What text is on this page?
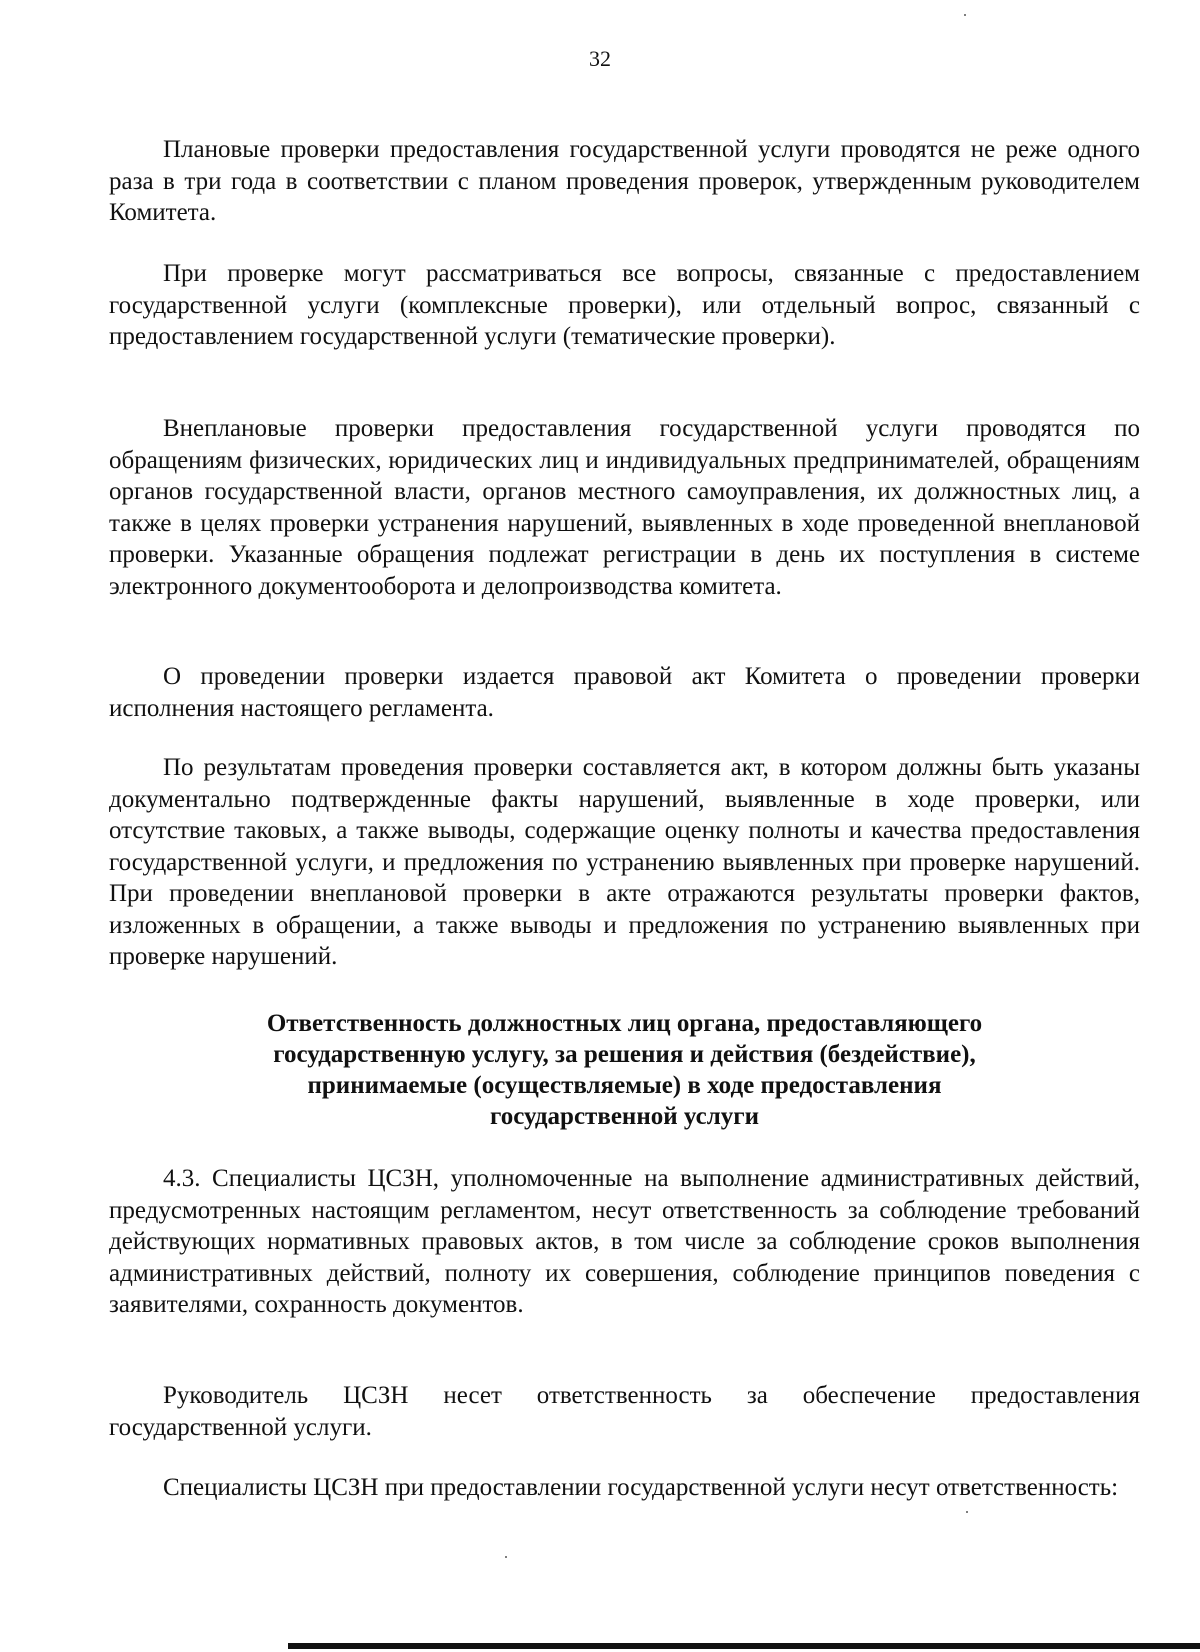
32

Плановые проверки предоставления государственной услуги проводятся не реже одного раза в три года в соответствии с планом проведения проверок, утвержденным руководителем Комитета.

При проверке могут рассматриваться все вопросы, связанные с предоставлением государственной услуги (комплексные проверки), или отдельный вопрос, связанный с предоставлением государственной услуги (тематические проверки).

Внеплановые проверки предоставления государственной услуги проводятся по обращениям физических, юридических лиц и индивидуальных предпринимателей, обращениям органов государственной власти, органов местного самоуправления, их должностных лиц, а также в целях проверки устранения нарушений, выявленных в ходе проведенной внеплановой проверки. Указанные обращения подлежат регистрации в день их поступления в системе электронного документооборота и делопроизводства комитета.

О проведении проверки издается правовой акт Комитета о проведении проверки исполнения настоящего регламента.

По результатам проведения проверки составляется акт, в котором должны быть указаны документально подтвержденные факты нарушений, выявленные в ходе проверки, или отсутствие таковых, а также выводы, содержащие оценку полноты и качества предоставления государственной услуги, и предложения по устранению выявленных при проверке нарушений. При проведении внеплановой проверки в акте отражаются результаты проверки фактов, изложенных в обращении, а также выводы и предложения по устранению выявленных при проверке нарушений.

Ответственность должностных лиц органа, предоставляющего
государственную услугу, за решения и действия (бездействие),
принимаемые (осуществляемые) в ходе предоставления
государственной услуги

4.3. Специалисты ЦСЗН, уполномоченные на выполнение административных действий, предусмотренных настоящим регламентом, несут ответственность за соблюдение требований действующих нормативных правовых актов, в том числе за соблюдение сроков выполнения административных действий, полноту их совершения, соблюдение принципов поведения с заявителями, сохранность документов.

Руководитель ЦСЗН несет ответственность за обеспечение предоставления государственной услуги.

Специалисты ЦСЗН при предоставлении государственной услуги несут ответственность:
